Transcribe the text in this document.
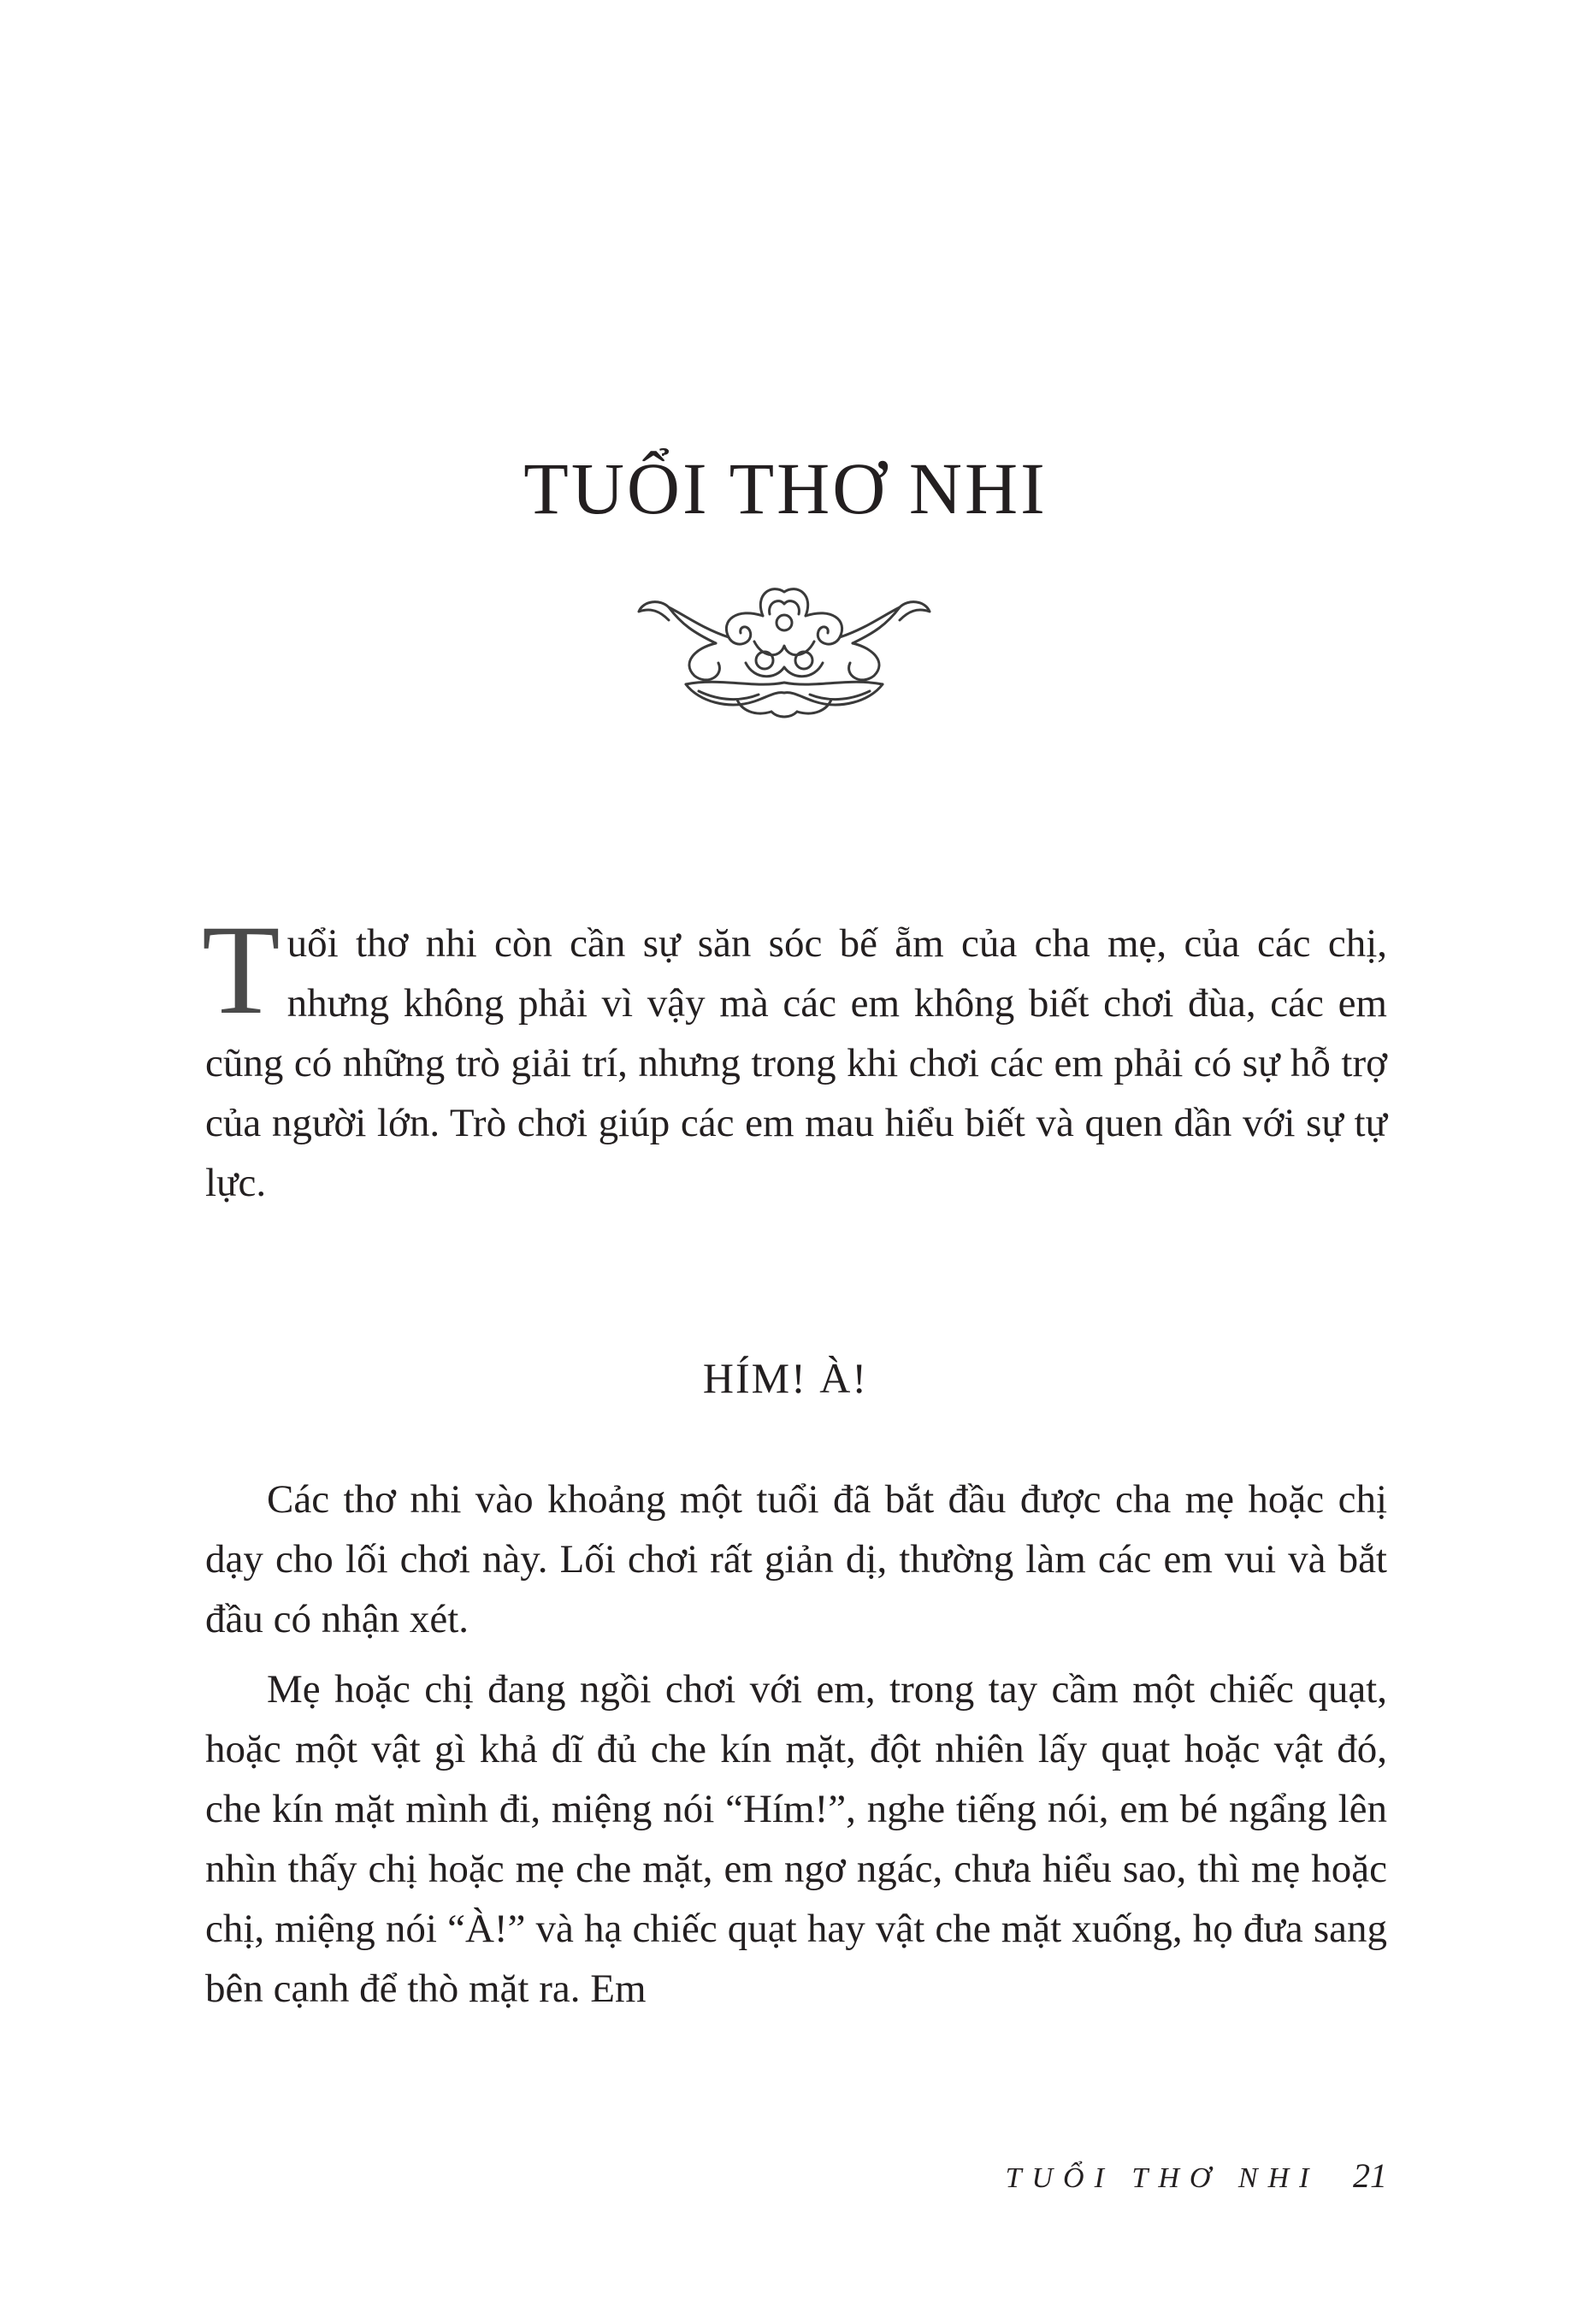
TUỔI THƠ NHI

Tuổi thơ nhi còn cần sự săn sóc bế ẵm của cha mẹ, của các chị, nhưng không phải vì vậy mà các em không biết chơi đùa, các em cũng có những trò giải trí, nhưng trong khi chơi các em phải có sự hỗ trợ của người lớn. Trò chơi giúp các em mau hiểu biết và quen dần với sự tự lực.

HÍM! À!

Các thơ nhi vào khoảng một tuổi đã bắt đầu được cha mẹ hoặc chị dạy cho lối chơi này. Lối chơi rất giản dị, thường làm các em vui và bắt đầu có nhận xét.

Mẹ hoặc chị đang ngồi chơi với em, trong tay cầm một chiếc quạt, hoặc một vật gì khả dĩ đủ che kín mặt, đột nhiên lấy quạt hoặc vật đó, che kín mặt mình đi, miệng nói “Hím!”, nghe tiếng nói, em bé ngẩng lên nhìn thấy chị hoặc mẹ che mặt, em ngơ ngác, chưa hiểu sao, thì mẹ hoặc chị, miệng nói “À!” và hạ chiếc quạt hay vật che mặt xuống, họ đưa sang bên cạnh để thò mặt ra. Em

TUỔI THƠ NHI 21
